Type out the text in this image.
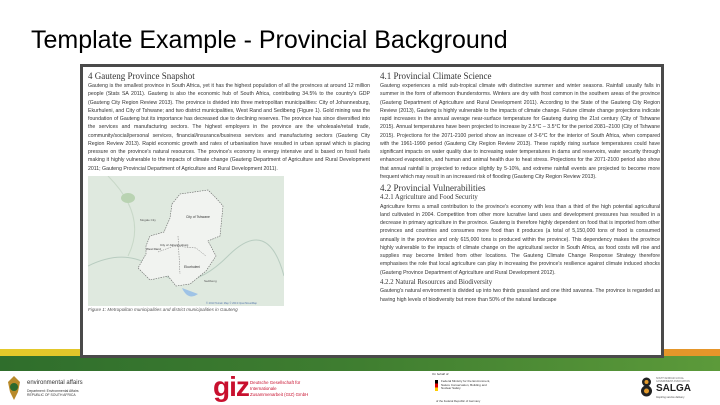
Template Example - Provincial Background
4 Gauteng Province Snapshot

Gauteng is the smallest province in South Africa, yet it has the highest population of all the provinces at around 12 million people (Stats SA 2011). Gauteng is also the economic hub of South Africa, contributing 34.5% to the country's GDP (Gauteng City Region Review 2013). The province is divided into three metropolitan municipalities: City of Johannesburg, Ekurhuleni, and City of Tshwane; and two district municipalities, West Rand and Sedibeng (Figure 1). Gold mining was the foundation of Gauteng but its importance has decreased due to declining reserves. The province has since diversified into the services and manufacturing sectors. The highest employers in the province are the wholesale/retail trade, community/social/personal services, financial/insurance/business services and manufacturing sectors (Gauteng City Region Review 2013). Rapid economic growth and rates of urbanisation have resulted in urban sprawl which is placing pressure on the province's natural resources. The province's economy is energy intensive and is based on fossil fuels making it highly vulnerable to the impacts of climate change (Gauteng Department of Agriculture and Rural Development 2011; Gauteng Provincial Department of Agriculture and Rural Development 2011).

City of Tshwane
Mogale City
City of Johannesburg
Ekurhuleni
West Rand
Sedibeng
© 2013 Terrain Map © 2013 OpenStreetMap

Figure 1: Metropolitan municipalities and district municipalities in Gauteng

4.1 Provincial Climate Science

Gauteng experiences a mild sub-tropical climate with distinctive summer and winter seasons. Rainfall usually falls in summer in the form of afternoon thunderstorms. Winters are dry with frost common in the southern areas of the province (Gauteng Department of Agriculture and Rural Development 2011). According to the State of the Gauteng City Region Review (2013), Gauteng is highly vulnerable to the impacts of climate change. Future climate change projections indicate rapid increases in the annual average near-surface temperature for Gauteng during the 21st century (City of Tshwane 2015). Annual temperatures have been projected to increase by 2.5°C – 3.5°C for the period 2081–2100 (City of Tshwane 2015). Projections for the 2071-2100 period show an increase of 3-6°C for the interior of South Africa, when compared with the 1961-1990 period (Gauteng City Region Review 2013). These rapidly rising surface temperatures could have significant impacts on water quality due to increasing water temperatures in dams and reservoirs, water security through enhanced evaporation, and human and animal health due to heat stress. Projections for the 2071-2100 period also show that annual rainfall is projected to reduce slightly by 5-10%, and extreme rainfall events are projected to become more frequent which may result in an increased risk of flooding (Gauteng City Region Review 2013).

4.2 Provincial Vulnerabilities
4.2.1 Agriculture and Food Security

Agriculture forms a small contribution to the province's economy with less than a third of the high potential agricultural land cultivated in 2004. Competition from other more lucrative land uses and development pressures has resulted in a decrease in primary agriculture in the province. Gauteng is therefore highly dependent on food that is imported from other provinces and countries and consumes more food than it produces (a total of 5,150,000 tons of food is consumed annually in the province and only 615,000 tons is produced within the province). This dependency makes the province highly vulnerable to the impacts of climate change on the agricultural sector in South Africa, as food costs will rise and supplies may become limited from other locations. The Gauteng Climate Change Response Strategy therefore emphasises the role that local agriculture can play in increasing the province's resilience against climate induced shocks (Gauteng Province Department of Agriculture and Rural Development 2012).

4.2.2 Natural Resources and Biodiversity

Gauteng's natural environment is divided up into two thirds grassland and one third savanna. The province is regarded as having high levels of biodiversity but more than 50% of the natural landscape

environmental affairs
Department: Environmental Affairs REPUBLIC OF SOUTH AFRICA	giz Deutsche Gesellschaft für Internationale Zusammenarbeit (GIZ) GmbH
On behalf of:
Federal Ministry for the Environment, Nature Conservation, Building and Nuclear Safety
of the Federal Republic of Germany
SOUTH AFRICAN LOCAL GOVERNMENT ASSOCIATION
SALGA
Inspiring service delivery
